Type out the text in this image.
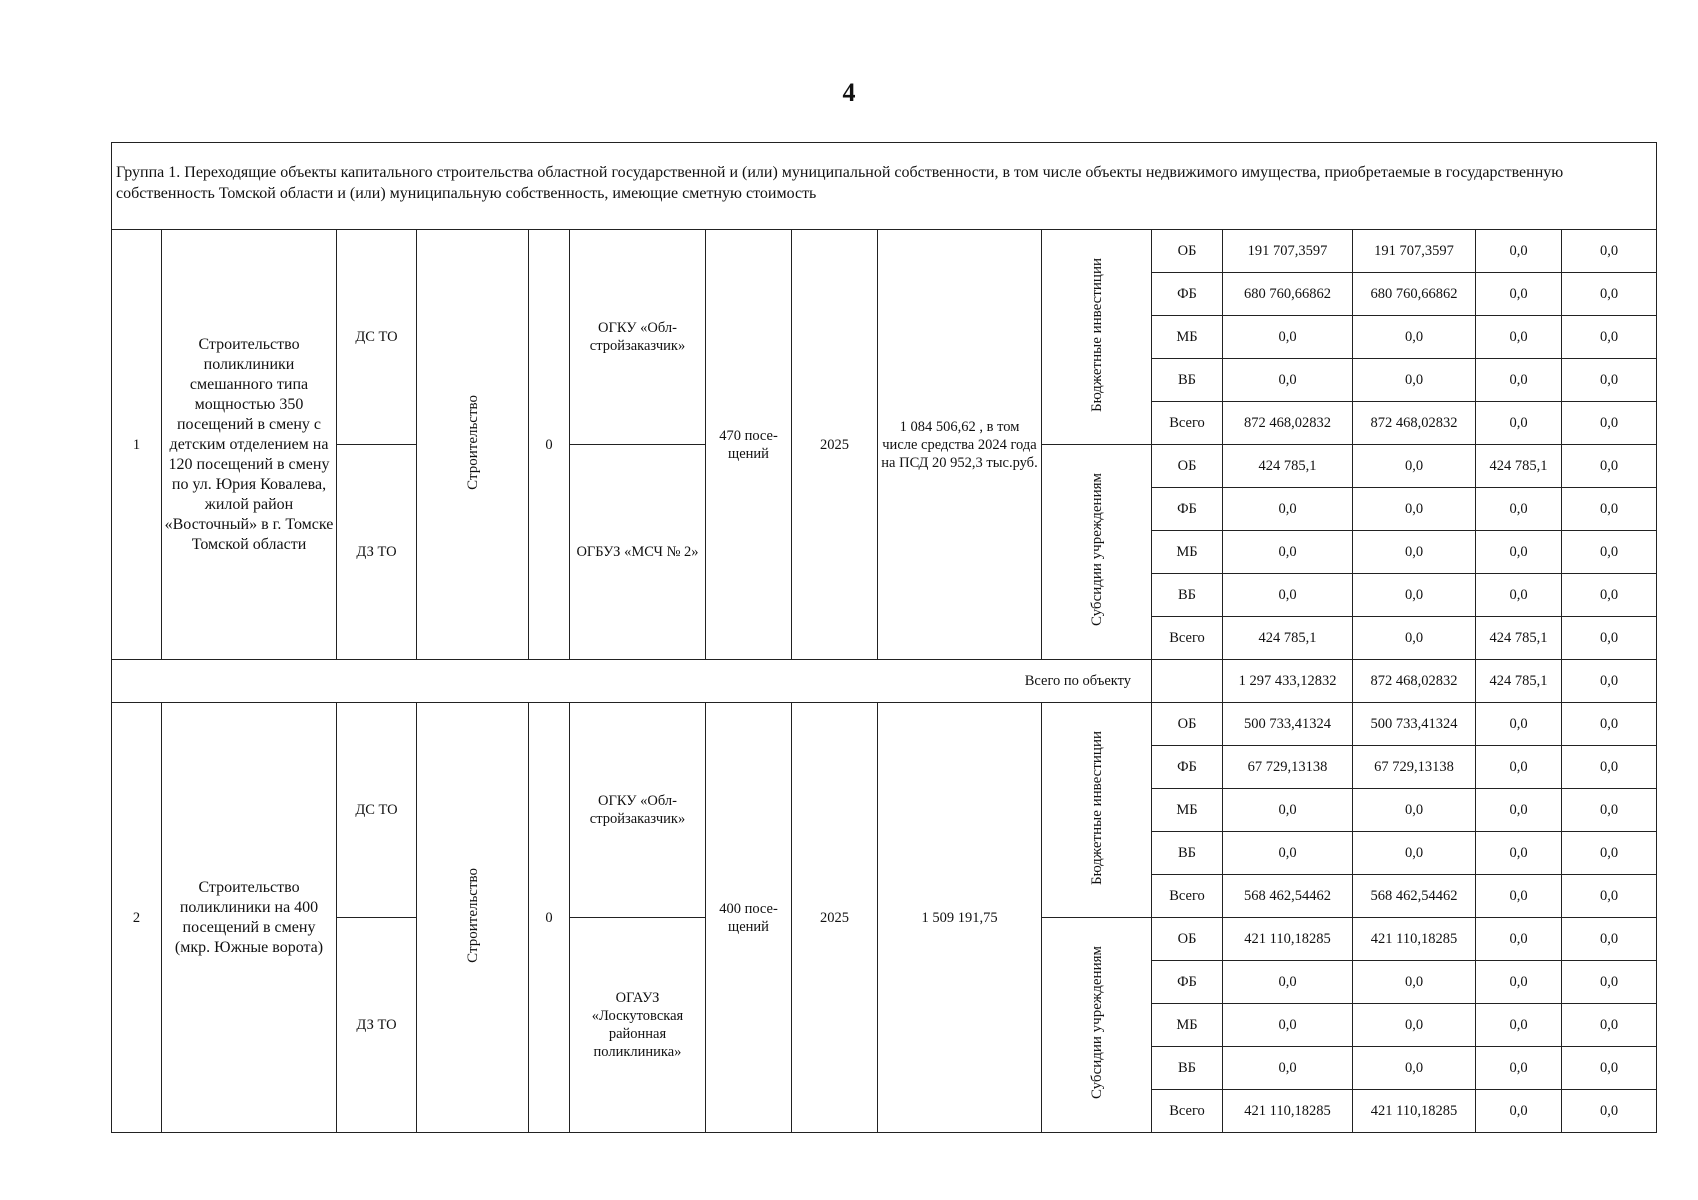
4
Группа 1. Переходящие объекты капитального строительства областной государственной и (или) муниципальной собственности, в том числе объекты недвижимого имущества, приобретаемые в государственную собственность Томской области и (или) муниципальную собственность, имеющие сметную стоимость														

1	Строительство поликлиники смешанного типа мощностью 350 посещений в смену с детским отделением на 120 посещений в смену по ул. Юрия Ковалева, жилой район «Восточный» в г. Томске Томской области	ДС ТО	Строительство	0	ОГКУ «Обл-стройзаказчик»	470 посе-щений	2025	1 084 506,62 , в том числе средства 2024 года на ПСД 20 952,3 тыс.руб.	Бюджетные инвестиции	ОБ	191 707,3597	191 707,3597	0,0	0,0
										ФБ	680 760,66862	680 760,66862	0,0	0,0
										МБ	0,0	0,0	0,0	0,0
										ВБ	0,0	0,0	0,0	0,0
										Всего	872 468,02832	872 468,02832	0,0	0,0
		ДЗ ТО			ОГБУЗ «МСЧ № 2»				Субсидии учреждениям	ОБ	424 785,1	0,0	424 785,1	0,0
										ФБ	0,0	0,0	0,0	0,0
										МБ	0,0	0,0	0,0	0,0
										ВБ	0,0	0,0	0,0	0,0
										Всего	424 785,1	0,0	424 785,1	0,0
Всего по объекту											1 297 433,12832	872 468,02832	424 785,1	0,0
2	Строительство поликлиники на 400 посещений в смену (мкр. Южные ворота)	ДС ТО	Строительство	0	ОГКУ «Обл-стройзаказчик»	400 посе-щений	2025	1 509 191,75	Бюджетные инвестиции	ОБ	500 733,41324	500 733,41324	0,0	0,0
										ФБ	67 729,13138	67 729,13138	0,0	0,0
										МБ	0,0	0,0	0,0	0,0
										ВБ	0,0	0,0	0,0	0,0
										Всего	568 462,54462	568 462,54462	0,0	0,0
		ДЗ ТО			ОГАУЗ «Лоскутовская районная поликлиника»				Субсидии учреждениям	ОБ	421 110,18285	421 110,18285	0,0	0,0
										ФБ	0,0	0,0	0,0	0,0
										МБ	0,0	0,0	0,0	0,0
										ВБ	0,0	0,0	0,0	0,0
										Всего	421 110,18285	421 110,18285	0,0	0,0
